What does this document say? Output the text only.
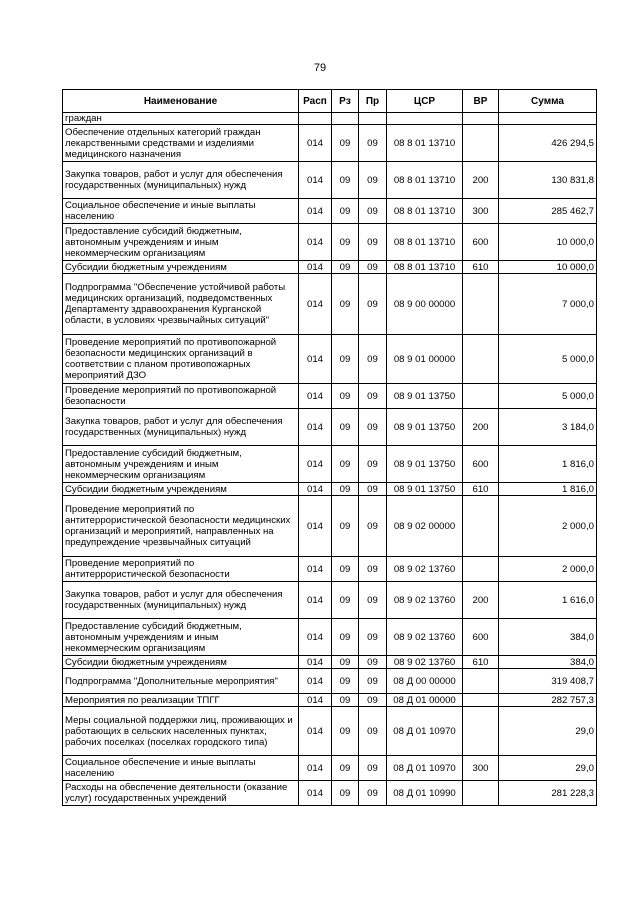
79
Наименование	Расп	Рз	Пр	ЦСР	ВР	Сумма
граждан						
Обеспечение отдельных категорий граждан лекарственными средствами и изделиями медицинского назначения	014	09	09	08 8 01 13710		426 294,5
Закупка товаров, работ и услуг для обеспечения государственных (муниципальных) нужд	014	09	09	08 8 01 13710	200	130 831,8
Социальное обеспечение и иные выплаты населению	014	09	09	08 8 01 13710	300	285 462,7
Предоставление субсидий бюджетным, автономным учреждениям и иным некоммерческим организациям	014	09	09	08 8 01 13710	600	10 000,0
Субсидии бюджетным учреждениям	014	09	09	08 8 01 13710	610	10 000,0
Подпрограмма "Обеспечение устойчивой работы медицинских организаций, подведомственных Департаменту здравоохранения Курганской области, в условиях чрезвычайных ситуаций"	014	09	09	08 9 00 00000		7 000,0
Проведение мероприятий по противопожарной безопасности медицинских организаций в соответствии с планом противопожарных мероприятий ДЗО	014	09	09	08 9 01 00000		5 000,0
Проведение мероприятий по противопожарной безопасности	014	09	09	08 9 01 13750		5 000,0
Закупка товаров, работ и услуг для обеспечения государственных (муниципальных) нужд	014	09	09	08 9 01 13750	200	3 184,0
Предоставление субсидий бюджетным, автономным учреждениям и иным некоммерческим организациям	014	09	09	08 9 01 13750	600	1 816,0
Субсидии бюджетным учреждениям	014	09	09	08 9 01 13750	610	1 816,0
Проведение мероприятий по антитеррористической безопасности медицинских организаций и мероприятий, направленных на предупреждение чрезвычайных ситуаций	014	09	09	08 9 02 00000		2 000,0
Проведение мероприятий по антитеррористической безопасности	014	09	09	08 9 02 13760		2 000,0
Закупка товаров, работ и услуг для обеспечения государственных (муниципальных) нужд	014	09	09	08 9 02 13760	200	1 616,0
Предоставление субсидий бюджетным, автономным учреждениям и иным некоммерческим организациям	014	09	09	08 9 02 13760	600	384,0
Субсидии бюджетным учреждениям	014	09	09	08 9 02 13760	610	384,0
Подпрограмма "Дополнительные мероприятия"	014	09	09	08 Д 00 00000		319 408,7
Мероприятия по реализации ТПГГ	014	09	09	08 Д 01 00000		282 757,3
Меры социальной поддержки лиц, проживающих и работающих в сельских населенных пунктах, рабочих поселках (поселках городского типа)	014	09	09	08 Д 01 10970		29,0
Социальное обеспечение и иные выплаты населению	014	09	09	08 Д 01 10970	300	29,0
Расходы на обеспечение деятельности (оказание услуг) государственных учреждений	014	09	09	08 Д 01 10990		281 228,3
